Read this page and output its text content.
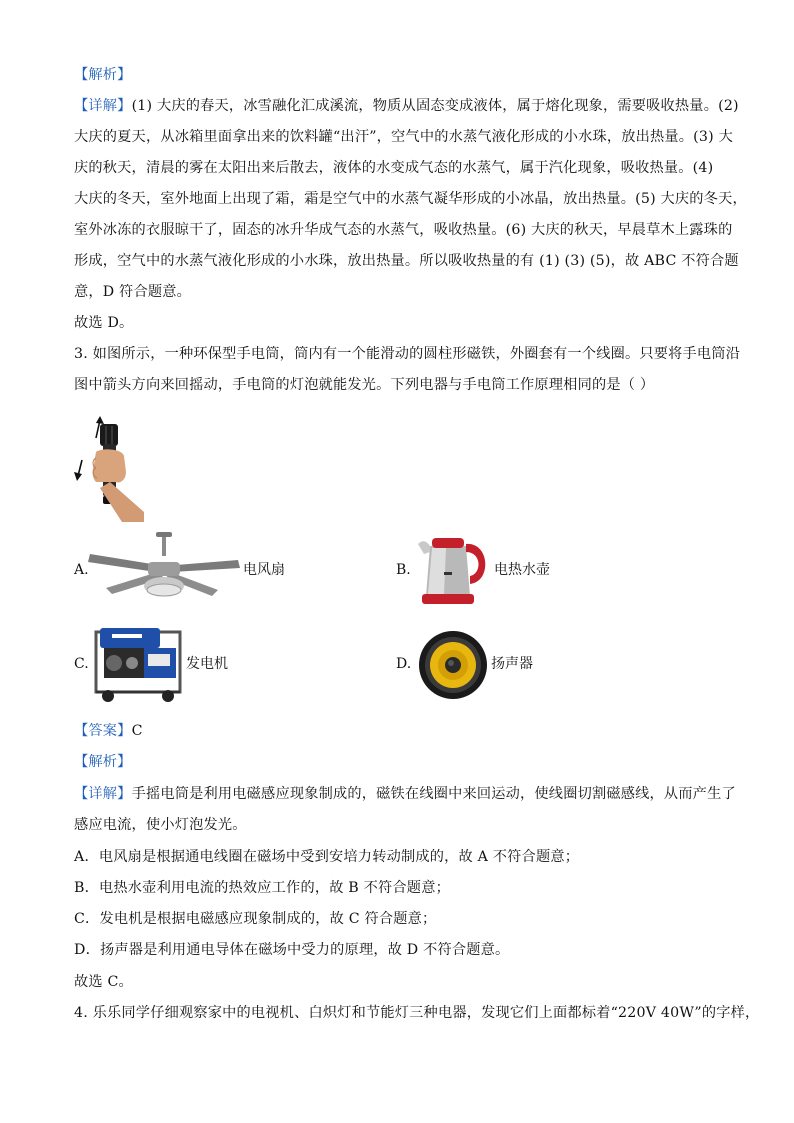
【解析】
【详解】(1) 大庆的春天，冰雪融化汇成溪流，物质从固态变成液体，属于熔化现象，需要吸收热量。(2)
大庆的夏天，从冰箱里面拿出来的饮料罐“出汗”，空气中的水蒸气液化形成的小水珠，放出热量。(3) 大
庆的秋天，清晨的雾在太阳出来后散去，液体的水变成气态的水蒸气，属于汽化现象，吸收热量。(4)
大庆的冬天，室外地面上出现了霜，霜是空气中的水蒸气凝华形成的小冰晶，放出热量。(5) 大庆的冬天，
室外冰冻的衣服晾干了，固态的冰升华成气态的水蒸气，吸收热量。(6) 大庆的秋天，早晨草木上露珠的
形成，空气中的水蒸气液化形成的小水珠，放出热量。所以吸收热量的有 (1) (3) (5)，故 ABC 不符合题
意，D 符合题意。
故选 D。
3. 如图所示，一种环保型手电筒，筒内有一个能滑动的圆柱形磁铁，外圈套有一个线圈。只要将手电筒沿
图中箭头方向来回摇动，手电筒的灯泡就能发光。下列电器与手电筒工作原理相同的是（ ）
A.	电风扇	B.	电热水壶
C.	发电机	D.	扬声器
【答案】C
【解析】
【详解】手摇电筒是利用电磁感应现象制成的，磁铁在线圈中来回运动，使线圈切割磁感线，从而产生了
感应电流，使小灯泡发光。
A．电风扇是根据通电线圈在磁场中受到安培力转动制成的，故 A 不符合题意；
B．电热水壶利用电流的热效应工作的，故 B 不符合题意；
C．发电机是根据电磁感应现象制成的，故 C 符合题意；
D．扬声器是利用通电导体在磁场中受力的原理，故 D 不符合题意。
故选 C。
4. 乐乐同学仔细观察家中的电视机、白炽灯和节能灯三种电器，发现它们上面都标着“220V 40W”的字样，
